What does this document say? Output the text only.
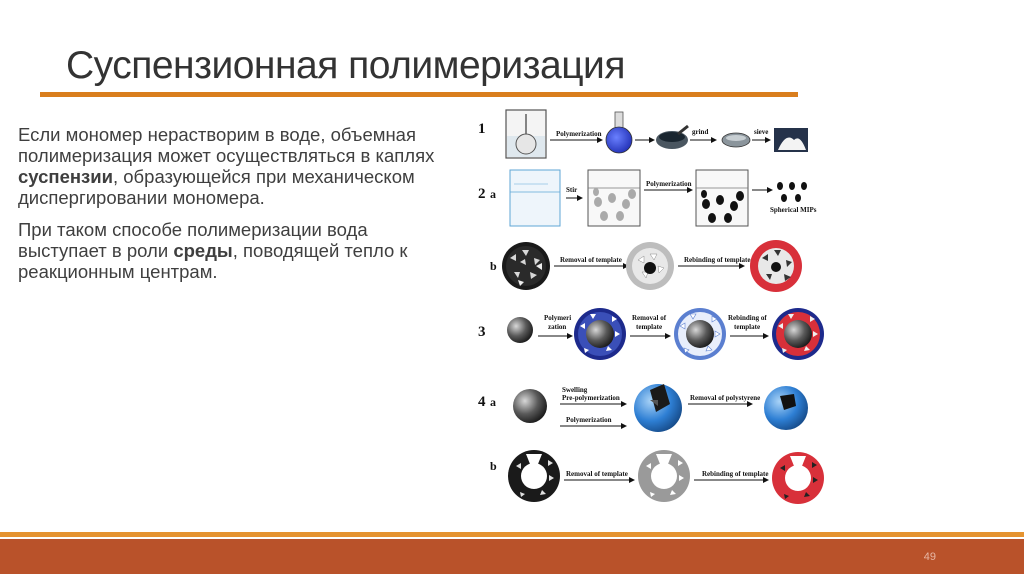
Суспензионная полимеризация

Если мономер нерастворим в воде, объемная полимеризация может осуществляться в каплях суспензии, образующейся при механическом диспергировании мономера.

При таком способе полимеризации вода выступает в роли среды, поводящей тепло к реакционным центрам.

1	Polymerization	grind	sieve
2 a	Stir
Polymerization
Spherical MIPs
b	Removal of template	Rebinding of template
3
Polymeri
zation
Removal of
template
Rebinding of
template
4 a
Swelling
Pre-polymerization
Polymerization
Removal of polystyrene
b
Removal of template	Rebinding of template
49
